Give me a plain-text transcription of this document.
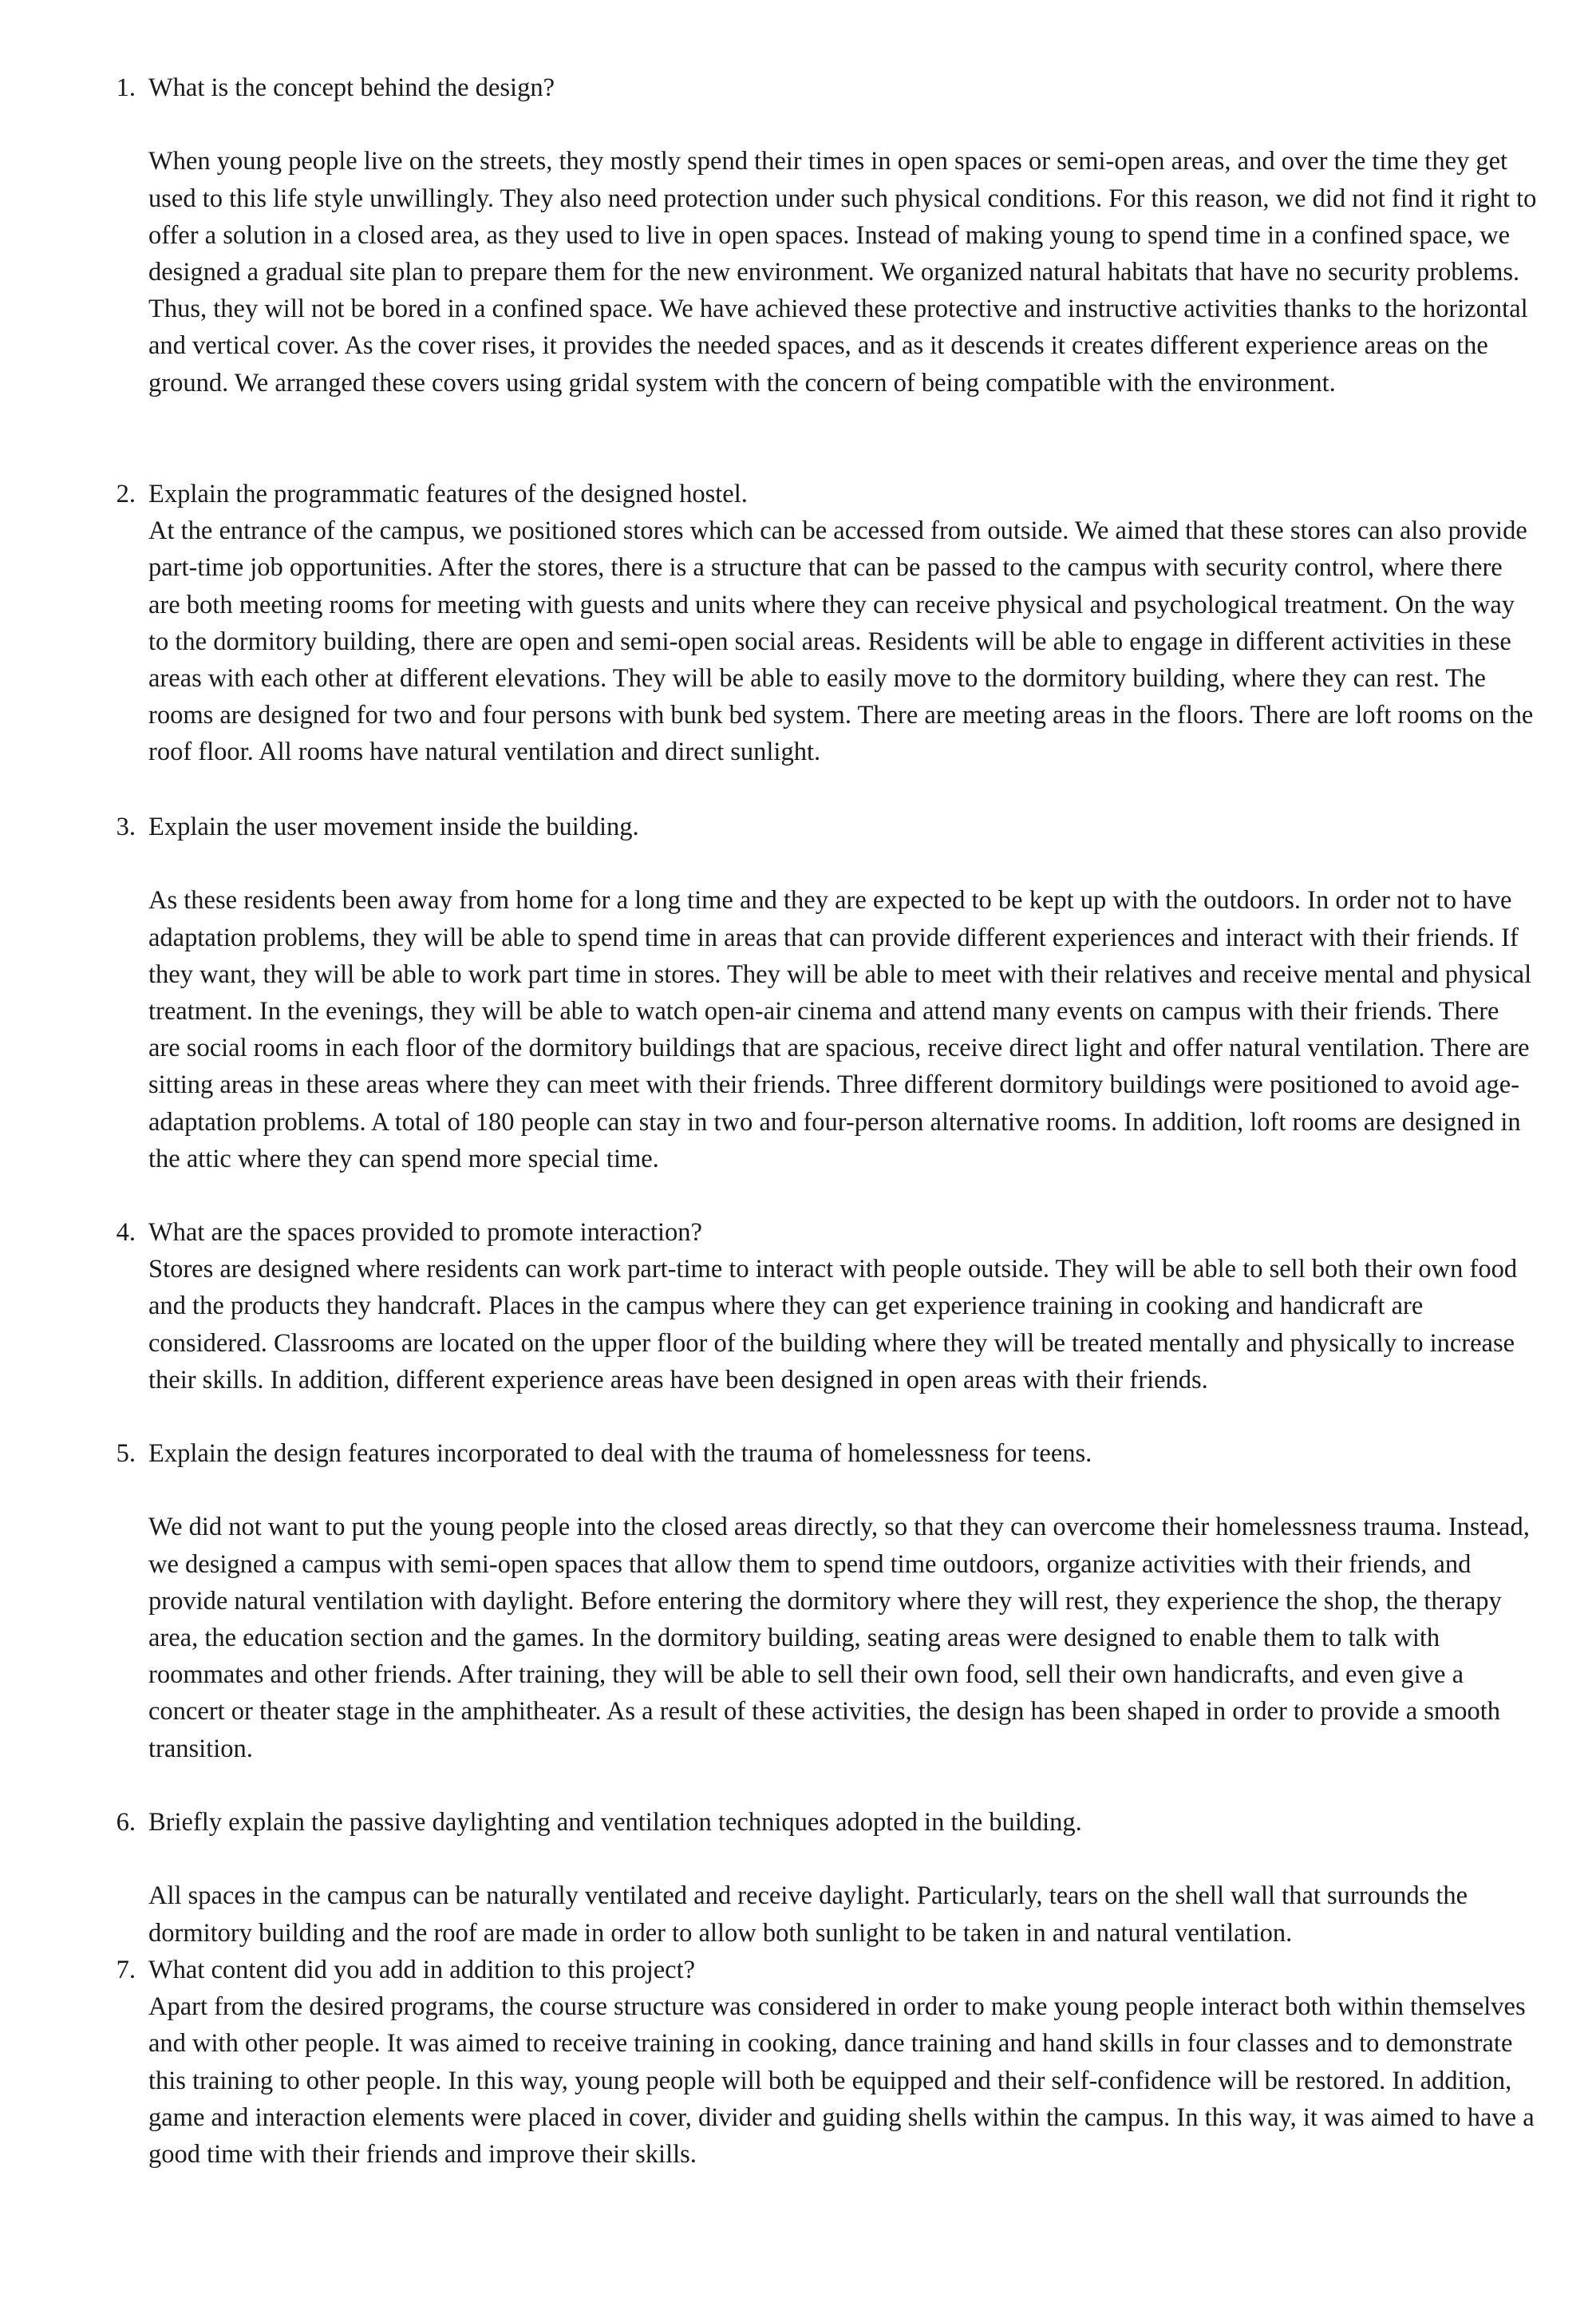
1. What is the concept behind the design?

When young people live on the streets, they mostly spend their times in open spaces or semi-open areas, and over the time they get used to this life style unwillingly. They also need protection under such physical conditions. For this reason, we did not find it right to offer a solution in a closed area, as they used to live in open spaces. Instead of making young to spend time in a confined space, we designed a gradual site plan to prepare them for the new environment. We organized natural habitats that have no security problems. Thus, they will not be bored in a confined space. We have achieved these protective and instructive activities thanks to the horizontal and vertical cover. As the cover rises, it provides the needed spaces, and as it descends it creates different experience areas on the ground. We arranged these covers using gridal system with the concern of being compatible with the environment.

2. Explain the programmatic features of the designed hostel.

At the entrance of the campus, we positioned stores which can be accessed from outside. We aimed that these stores can also provide part-time job opportunities. After the stores, there is a structure that can be passed to the campus with security control, where there are both meeting rooms for meeting with guests and units where they can receive physical and psychological treatment. On the way to the dormitory building, there are open and semi-open social areas. Residents will be able to engage in different activities in these areas with each other at different elevations. They will be able to easily move to the dormitory building, where they can rest. The rooms are designed for two and four persons with bunk bed system. There are meeting areas in the floors. There are loft rooms on the roof floor. All rooms have natural ventilation and direct sunlight.

3. Explain the user movement inside the building.

As these residents been away from home for a long time and they are expected to be kept up with the outdoors. In order not to have adaptation problems, they will be able to spend time in areas that can provide different experiences and interact with their friends. If they want, they will be able to work part time in stores. They will be able to meet with their relatives and receive mental and physical treatment. In the evenings, they will be able to watch open-air cinema and attend many events on campus with their friends. There are social rooms in each floor of the dormitory buildings that are spacious, receive direct light and offer natural ventilation. There are sitting areas in these areas where they can meet with their friends. Three different dormitory buildings were positioned to avoid age-adaptation problems. A total of 180 people can stay in two and four-person alternative rooms. In addition, loft rooms are designed in the attic where they can spend more special time.

4. What are the spaces provided to promote interaction?

Stores are designed where residents can work part-time to interact with people outside. They will be able to sell both their own food and the products they handcraft. Places in the campus where they can get experience training in cooking and handicraft are considered. Classrooms are located on the upper floor of the building where they will be treated mentally and physically to increase their skills. In addition, different experience areas have been designed in open areas with their friends.

5. Explain the design features incorporated to deal with the trauma of homelessness for teens.

We did not want to put the young people into the closed areas directly, so that they can overcome their homelessness trauma. Instead, we designed a campus with semi-open spaces that allow them to spend time outdoors, organize activities with their friends, and provide natural ventilation with daylight. Before entering the dormitory where they will rest, they experience the shop, the therapy area, the education section and the games. In the dormitory building, seating areas were designed to enable them to talk with roommates and other friends. After training, they will be able to sell their own food, sell their own handicrafts, and even give a concert or theater stage in the amphitheater. As a result of these activities, the design has been shaped in order to provide a smooth transition.

6. Briefly explain the passive daylighting and ventilation techniques adopted in the building.

All spaces in the campus can be naturally ventilated and receive daylight. Particularly, tears on the shell wall that surrounds the dormitory building and the roof are made in order to allow both sunlight to be taken in and natural ventilation.

7. What content did you add in addition to this project?

Apart from the desired programs, the course structure was considered in order to make young people interact both within themselves and with other people. It was aimed to receive training in cooking, dance training and hand skills in four classes and to demonstrate this training to other people. In this way, young people will both be equipped and their self-confidence will be restored. In addition, game and interaction elements were placed in cover, divider and guiding shells within the campus. In this way, it was aimed to have a good time with their friends and improve their skills.
